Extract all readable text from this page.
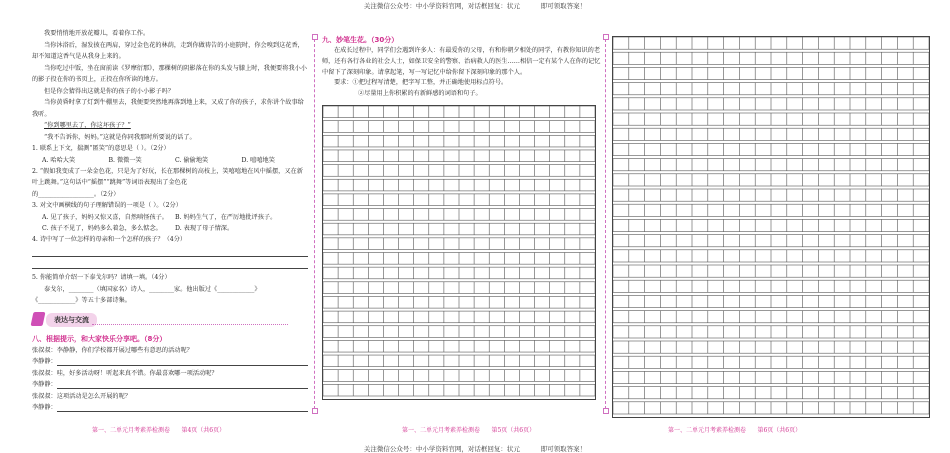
关注微信公众号：中小学资料官网，对话框回复：状元          即可领取答案！

我要悄悄地开放花瓣儿，看着你工作。

当你沐浴后，湿发披在两肩，穿过金色花的林荫，走到你做祷告的小庭院时，你会嗅到这花香，却不知道这香气是从我身上来的。

当你吃过中饭，坐在窗前读《罗摩衍那》，那棵树的阴影落在你的头发与膝上时，我便要将我小小的影子投在你的书页上，正投在你所读的地方。

但是你会猜得出这就是你的孩子的小小影子吗？

当你黄昏时拿了灯到牛棚里去，我便要突然地再落到地上来，又成了你的孩子，求你讲个故事给我听。

“你到哪里去了，你这坏孩子？”

“我不告诉你，妈妈。”这就是你同我那时所要说的话了。

1. 联系上下文，揣测“匿笑”的意思是（ ）。（2分）

A. 哈哈大笑	B. 微微一笑	C. 偷偷地笑	D. 嘻嘻地笑

2. “假如我变成了一朵金色花，只是为了好玩，长在那棵树的高枝上，笑嘻嘻地在风中摇摆，又在新叶上跳舞。”这句话中“摇摆”“跳舞”等词语表现出了金色花

的__________________。（2分）

3. 对文中画横线的句子理解错误的一项是（ ）。（2分）

A. 见了孩子，妈妈又惊又喜，自然嗔怪孩子。	B. 妈妈生气了，在严厉地批评孩子。
C. 孩子不见了，妈妈多么着急，多么惦念。	D. 表现了母子情深。

4. 诗中写了一位怎样的母亲和一个怎样的孩子？（4分）

5. 你能简单介绍一下泰戈尔吗？请填一填。（4分）

泰戈尔，________（填国家名）诗人，________家。他出版过《____________》

《____________》等五十多部诗集。

表达与交流

八、根据提示，和大家快乐分享吧。（8分）

张叔叔： 李静静，你们学校都开展过哪些有意思的活动呢？
李静静：
张叔叔： 哇，好多活动呀！听起来真不错。你最喜欢哪一项活动呢？
李静静：
张叔叔： 这项活动是怎么开展的呢？
李静静：
第一、二单元月考素养检测卷      第4页（共6页）

九、妙笔生花。（30分）

在成长过程中，同学们会遇到许多人：有最爱你的父母，有和你朝夕相处的同学，有教你知识的老师，还有各行各业的社会人士，如保卫安全的警察、治病救人的医生……相信一定有某个人在你的记忆中留下了深刻印象。请拿起笔，写一写记忆中给你留下深刻印象的那个人。

要求：①把过程写清楚，把字写工整，并正确地使用标点符号。

②尽量用上你积累的有新鲜感的词语和句子。

第一、二单元月考素养检测卷      第5页（共6页）	第一、二单元月考素养检测卷      第6页（共6页）
关注微信公众号：中小学资料官网，对话框回复：状元          即可领取答案！
